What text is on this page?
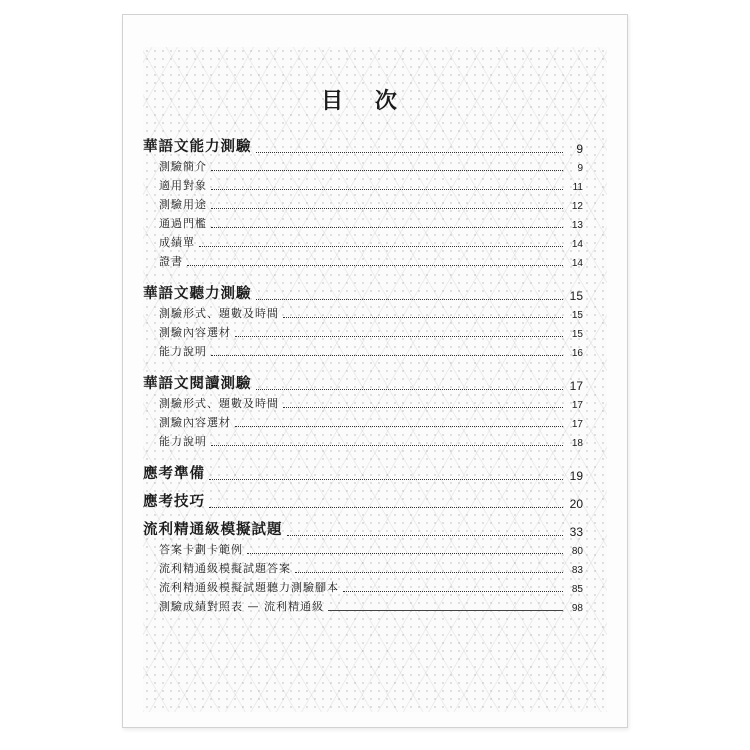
目 次
華語文能力測驗	9
測驗簡介	9
適用對象	11
測驗用途	12
通過門檻	13
成績單	14
證書	14
華語文聽力測驗	15
測驗形式、題數及時間	15
測驗內容選材	15
能力說明	16
華語文閱讀測驗	17
測驗形式、題數及時間	17
測驗內容選材	17
能力說明	18
應考準備	19
應考技巧	20
流利精通級模擬試題	33
答案卡劃卡範例	80
流利精通級模擬試題答案	83
流利精通級模擬試題聽力測驗腳本	85
測驗成績對照表 — 流利精通級	98
